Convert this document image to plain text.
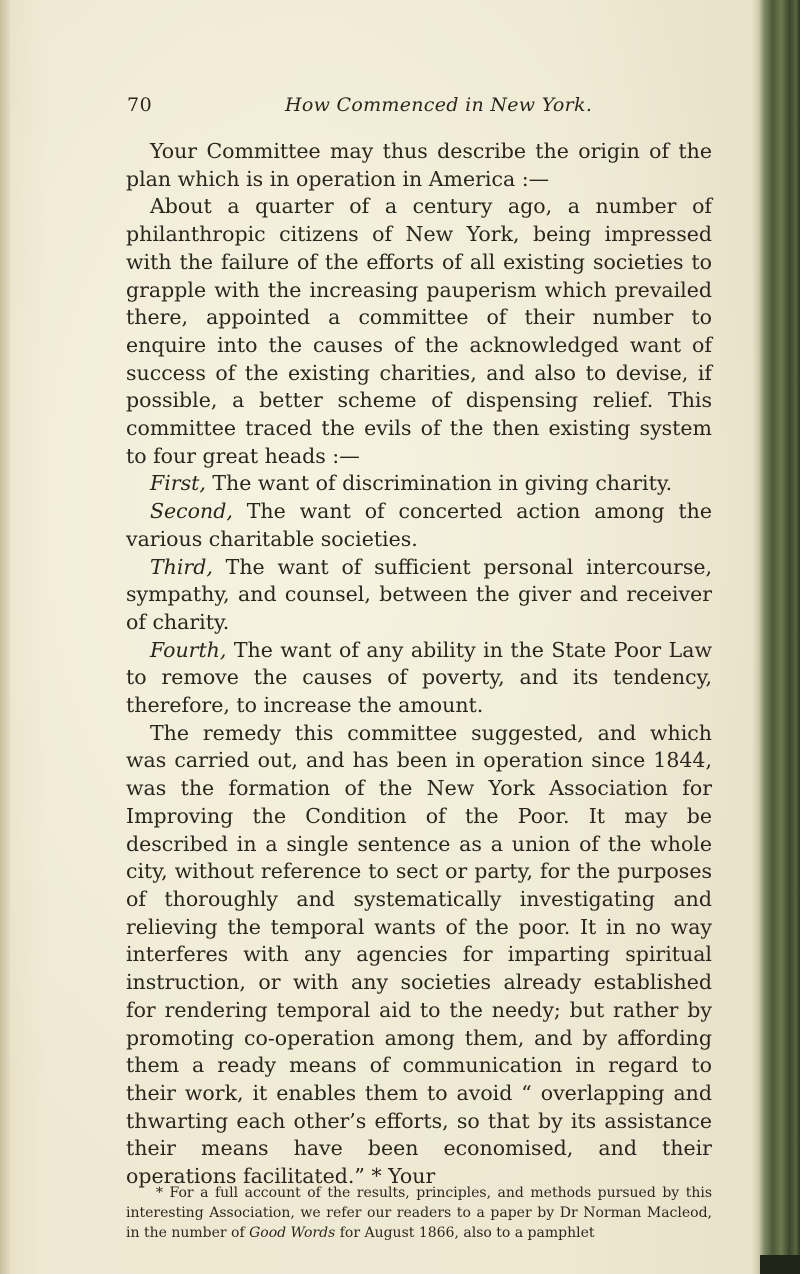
70	How Commenced in New York.

Your Committee may thus describe the origin of the plan which is in operation in America :—

About a quarter of a century ago, a number of philanthropic citizens of New York, being impressed with the failure of the efforts of all existing societies to grapple with the increasing pauperism which prevailed there, appointed a committee of their number to enquire into the causes of the acknowledged want of success of the existing charities, and also to devise, if possible, a better scheme of dispensing relief. This committee traced the evils of the then existing system to four great heads :—

First, The want of discrimination in giving charity.

Second, The want of concerted action among the various charitable societies.

Third, The want of sufficient personal intercourse, sympathy, and counsel, between the giver and receiver of charity.

Fourth, The want of any ability in the State Poor Law to remove the causes of poverty, and its tendency, therefore, to increase the amount.

The remedy this committee suggested, and which was carried out, and has been in operation since 1844, was the formation of the New York Association for Improving the Condition of the Poor. It may be described in a single sentence as a union of the whole city, without reference to sect or party, for the purposes of thoroughly and systematically investigating and relieving the temporal wants of the poor. It in no way interferes with any agencies for imparting spiritual instruction, or with any societies already established for rendering temporal aid to the needy; but rather by promoting co-operation among them, and by affording them a ready means of communication in regard to their work, it enables them to avoid “ overlapping and thwarting each other’s efforts, so that by its assistance their means have been economised, and their operations facilitated.” * Your

* For a full account of the results, principles, and methods pursued by this interesting Association, we refer our readers to a paper by Dr Norman Macleod, in the number of Good Words for August 1866, also to a pamphlet
